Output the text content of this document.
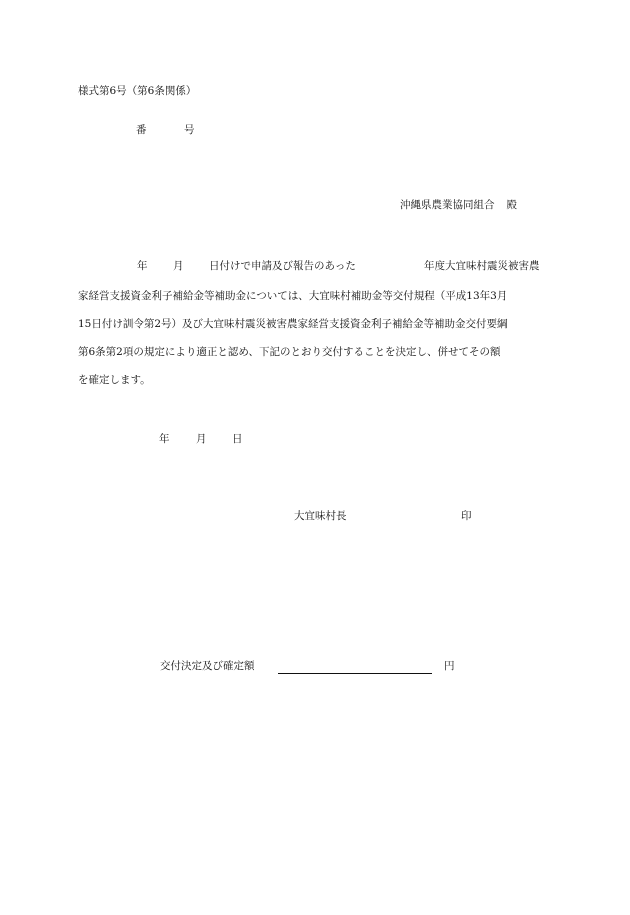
様式第6号（第6条関係）
番	号
沖縄県農業協同組合 殿
年 月 日付けで申請及び報告のあった	年度大宜味村震災被害農
家経営支援資金利子補給金等補助金については、大宜味村補助金等交付規程（平成13年3月
15日付け訓令第2号）及び大宜味村震災被害農家経営支援資金利子補給金等補助金交付要綱
第6条第2項の規定により適正と認め、下記のとおり交付することを決定し、併せてその額
を確定します。
年	月 日
大宜味村長	印
交付決定及び確定額	円
